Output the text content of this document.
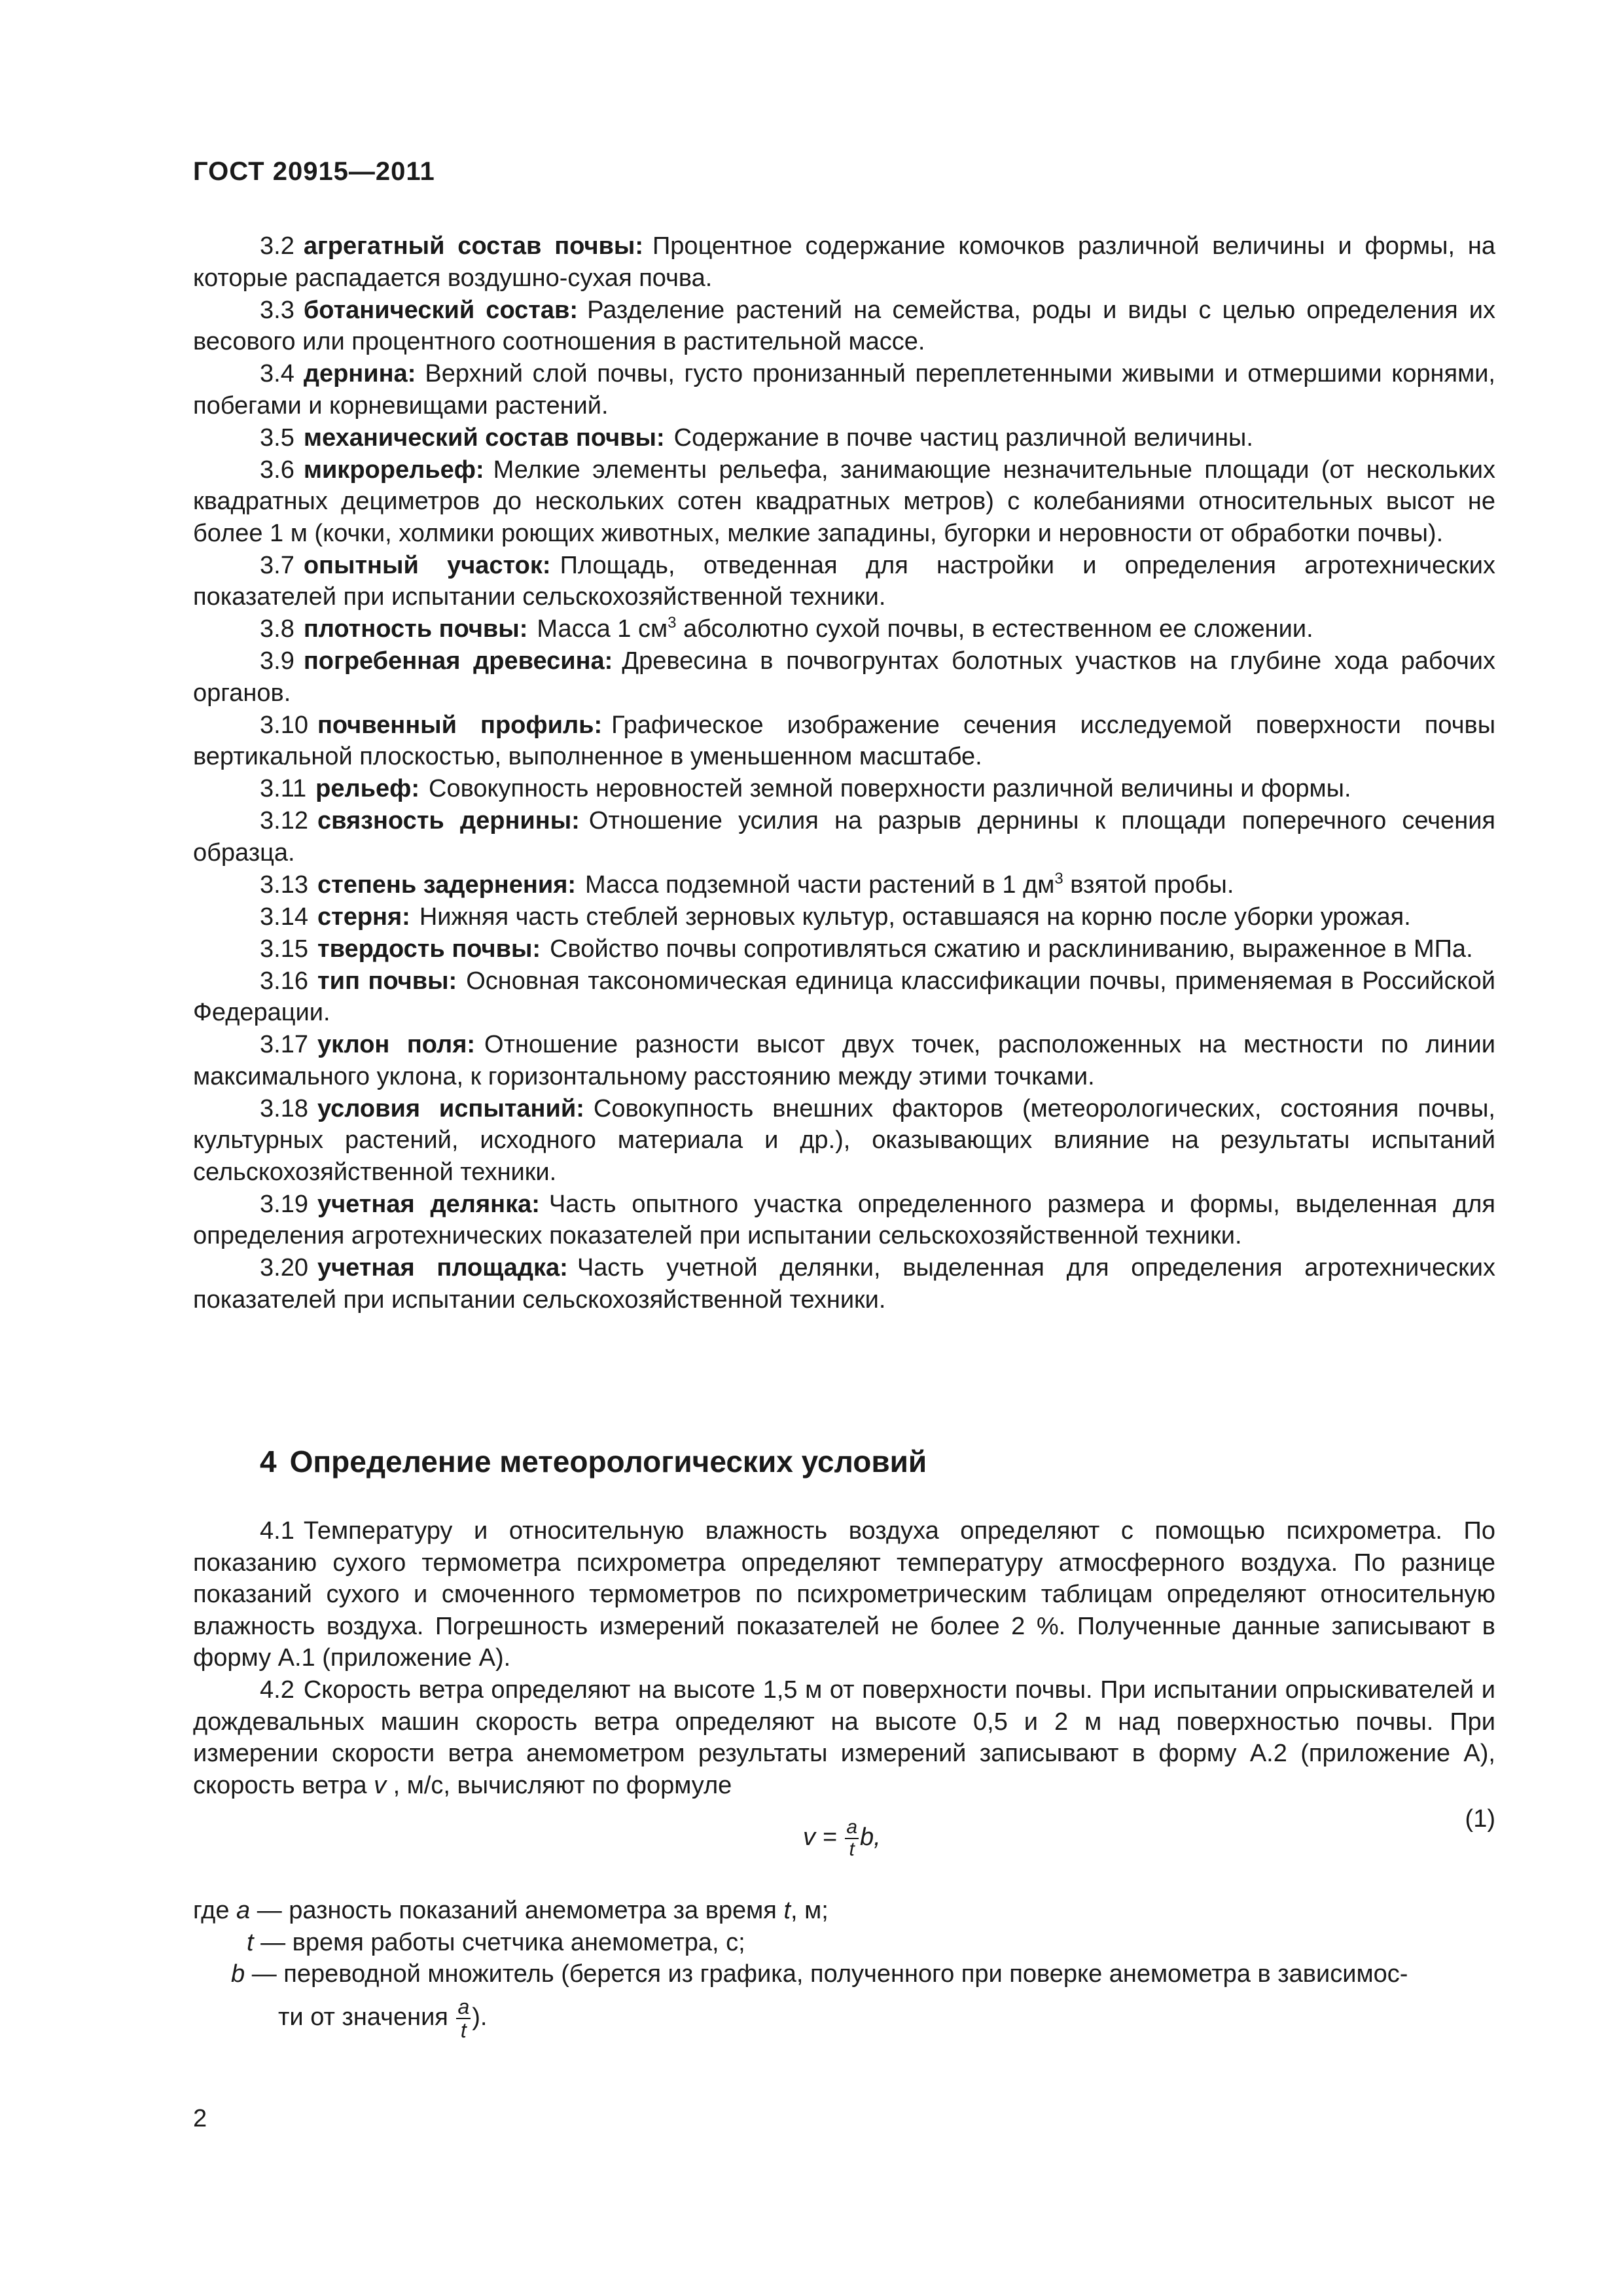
ГОСТ 20915—2011

3.2 агрегатный состав почвы: Процентное содержание комочков различной величины и формы, на которые распадается воздушно-сухая почва.

3.3 ботанический состав: Разделение растений на семейства, роды и виды с целью определения их весового или процентного соотношения в растительной массе.

3.4 дернина: Верхний слой почвы, густо пронизанный переплетенными живыми и отмершими корнями, побегами и корневищами растений.

3.5 механический состав почвы: Содержание в почве частиц различной величины.

3.6 микрорельеф: Мелкие элементы рельефа, занимающие незначительные площади (от нескольких квадратных дециметров до нескольких сотен квадратных метров) с колебаниями относительных высот не более 1 м (кочки, холмики роющих животных, мелкие западины, бугорки и неровности от обработки почвы).

3.7 опытный участок: Площадь, отведенная для настройки и определения агротехнических показателей при испытании сельскохозяйственной техники.

3.8 плотность почвы: Масса 1 $см^3$ абсолютно сухой почвы, в естественном ее сложении.

3.9 погребенная древесина: Древесина в почвогрунтах болотных участков на глубине хода рабочих органов.

3.10 почвенный профиль: Графическое изображение сечения исследуемой поверхности почвы вертикальной плоскостью, выполненное в уменьшенном масштабе.

3.11 рельеф: Совокупность неровностей земной поверхности различной величины и формы.

3.12 связность дернины: Отношение усилия на разрыв дернины к площади поперечного сечения образца.

3.13 степень задернения: Масса подземной части растений в 1 $дм^3$ взятой пробы.

3.14 стерня: Нижняя часть стеблей зерновых культур, оставшаяся на корню после уборки урожая.

3.15 твердость почвы: Свойство почвы сопротивляться сжатию и расклиниванию, выраженное в МПа.

3.16 тип почвы: Основная таксономическая единица классификации почвы, применяемая в Российской Федерации.

3.17 уклон поля: Отношение разности высот двух точек, расположенных на местности по линии максимального уклона, к горизонтальному расстоянию между этими точками.

3.18 условия испытаний: Совокупность внешних факторов (метеорологических, состояния почвы, культурных растений, исходного материала и др.), оказывающих влияние на результаты испытаний сельскохозяйственной техники.

3.19 учетная делянка: Часть опытного участка определенного размера и формы, выделенная для определения агротехнических показателей при испытании сельскохозяйственной техники.

3.20 учетная площадка: Часть учетной делянки, выделенная для определения агротехнических показателей при испытании сельскохозяйственной техники.

4 Определение метеорологических условий

4.1 Температуру и относительную влажность воздуха определяют с помощью психрометра. По показанию сухого термометра психрометра определяют температуру атмосферного воздуха. По разнице показаний сухого и смоченного термометров по психрометрическим таблицам определяют относительную влажность воздуха. Погрешность измерений показателей не более 2 %. Полученные данные записывают в форму А.1 (приложение А).

4.2 Скорость ветра определяют на высоте 1,5 м от поверхности почвы. При испытании опрыскивателей и дождевальных машин скорость ветра определяют на высоте 0,5 и 2 м над поверхностью почвы. При измерении скорости ветра анемометром результаты измерений записывают в форму А.2 (приложение А), скорость ветра v , м/с, вычисляют по формуле

$v = \frac{a}{t} b$,
(1)
где a — разность показаний анемометра за время t, м;
t — время работы счетчика анемометра, с;
b — переводной множитель (берется из графика, полученного при поверке анемометра в зависимос-
ти от значения $\frac{a}{t}$ ).
2
